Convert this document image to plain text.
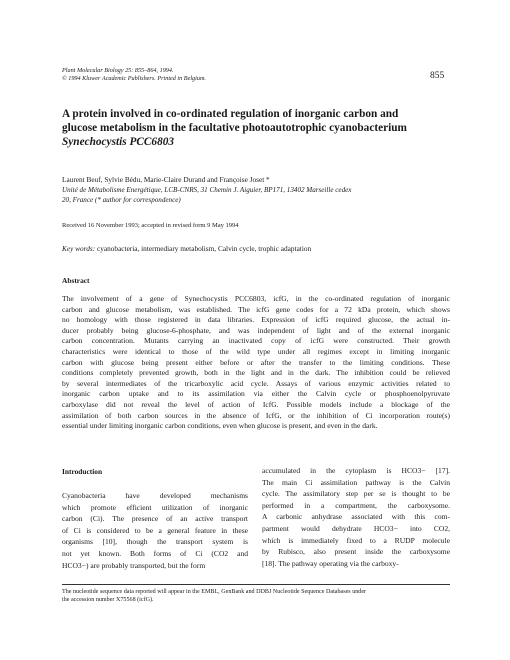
Plant Molecular Biology 25: 855–864, 1994.
© 1994 Kluwer Academic Publishers. Printed in Belgium.	855
A protein involved in co-ordinated regulation of inorganic carbon and
glucose metabolism in the facultative photoautotrophic cyanobacterium
Synechocystis PCC6803
Laurent Beuf, Sylvie Bédu, Marie-Claire Durand and Françoise Joset *
Unité de Métabolisme Energétique, LCB-CNRS, 31 Chemin J. Aiguier, BP171, 13402 Marseille cedex
20, France (* author for correspondence)
Received 16 November 1993; accepted in revised form 9 May 1994
Key words: cyanobacteria, intermediary metabolism, Calvin cycle, trophic adaptation
Abstract
The involvement of a gene of Synechocystis PCC6803, icfG, in the co-ordinated regulation of inorganic
carbon and glucose metabolism, was established. The icfG gene codes for a 72 kDa protein, which shows
no homology with those registered in data libraries. Expression of icfG required glucose, the actual in-
ducer probably being glucose-6-phosphate, and was independent of light and of the external inorganic
carbon concentration. Mutants carrying an inactivated copy of icfG were constructed. Their growth
characteristics were identical to those of the wild type under all regimes except in limiting inorganic
carbon with glucose being present either before or after the transfer to the limiting conditions. These
conditions completely prevented growth, both in the light and in the dark. The inhibition could be relieved
by several intermediates of the tricarboxylic acid cycle. Assays of various enzymic activities related to
inorganic carbon uptake and to its assimilation via either the Calvin cycle or phosphoenolpyruvate
carboxylase did not reveal the level of action of IcfG. Possible models include a blockage of the
assimilation of both carbon sources in the absence of IcfG, or the inhibition of Ci incorporation route(s)
essential under limiting inorganic carbon conditions, even when glucose is present, and even in the dark.
Introduction
Cyanobacteria have developed mechanisms
which promote efficient utilization of inorganic
carbon (Ci). The presence of an active transport
of Ci is considered to be a general feature in these
organisms [10], though the transport system is
not yet known. Both forms of Ci (CO2 and
HCO3−) are probably transported, but the form
accumulated in the cytoplasm is HCO3− [17].
The main Ci assimilation pathway is the Calvin
cycle. The assimilatory step per se is thought to be
performed in a compartment, the carboxysome.
A carbonic anhydrase associated with this com-
partment would dehydrate HCO3− into CO2,
which is immediately fixed to a RUDP molecule
by Rubisco, also present inside the carboxysome
[18]. The pathway operating via the carboxy-
The nucleotide sequence data reported will appear in the EMBL, GenBank and DDBJ Nucleotide Sequence Databases under
the accession number X75568 (icfG).
